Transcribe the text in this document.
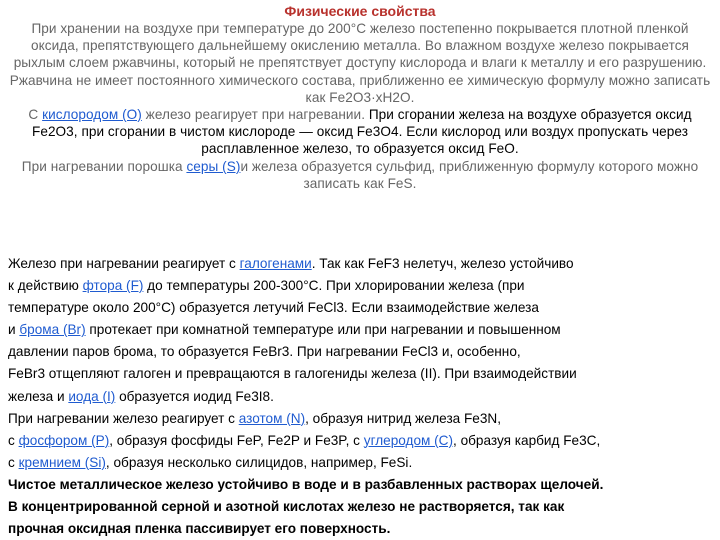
Физические свойства
При хранении на воздухе при температуре до 200°С железо постепенно покрывается плотной пленкой оксида, препятствующего дальнейшему окислению металла. Во влажном воздухе железо покрывается рыхлым слоем ржавчины, который не препятствует доступу кислорода и влаги к металлу и его разрушению. Ржавчина не имеет постоянного химического состава, приближенно ее химическую формулу можно записать как Fe2O3·xH2O.
С кислородом (O) железо реагирует при нагревании. При сгорании железа на воздухе образуется оксид Fe2O3, при сгорании в чистом кислороде — оксид Fe3O4. Если кислород или воздух пропускать через расплавленное железо, то образуется оксид FeO.
При нагревании порошка серы (S)и железа образуется сульфид, приближенную формулу которого можно записать как FeS.
Железо при нагревании реагирует с галогенами. Так как FeF3 нелетуч, железо устойчиво
к действию фтора (F) до температуры 200-300°С. При хлорировании железа (при
температуре около 200°С) образуется летучий FeCl3. Если взаимодействие железа
и брома (Br) протекает при комнатной температуре или при нагревании и повышенном
давлении паров брома, то образуется FeBr3. При нагревании FeCl3 и, особенно,
FeBr3 отщепляют галоген и превращаются в галогениды железа (II). При взаимодействии
железа и иода (I) образуется иодид Fe3I8.
При нагревании железо реагирует с азотом (N), образуя нитрид железа Fe3N,
с фосфором (P), образуя фосфиды FeP, Fe2P и Fe3P, с углеродом (C), образуя карбид Fe3C,
с кремнием (Si), образуя несколько силицидов, например, FeSi.
Чистое металлическое железо устойчиво в воде и в разбавленных растворах щелочей.
В концентрированной серной и азотной кислотах железо не растворяется, так как
прочная оксидная пленка пассивирует его поверхность.
